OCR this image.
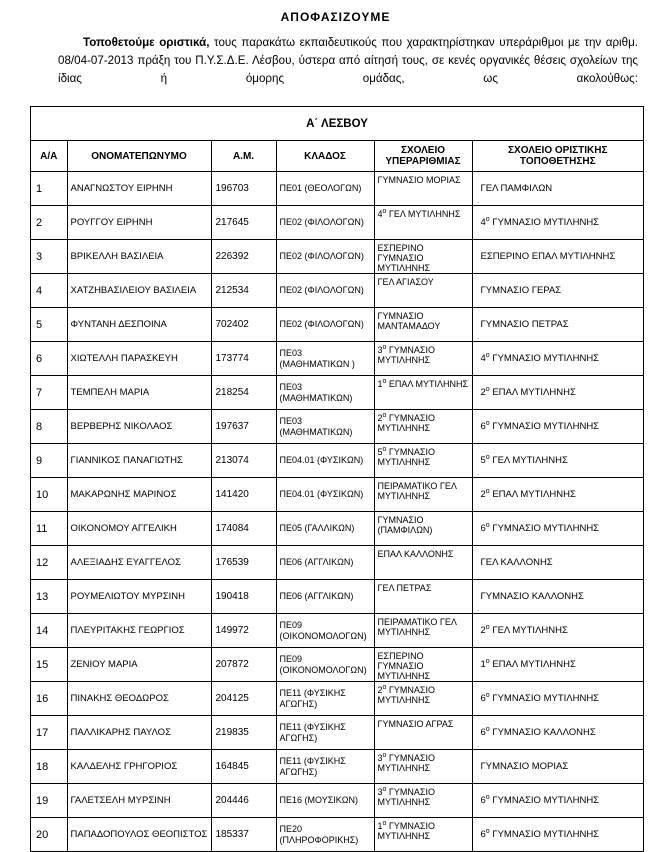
ΑΠΟΦΑΣΙΖΟΥΜΕ
Τοποθετούμε οριστικά, τους παρακάτω εκπαιδευτικούς που χαρακτηρίστηκαν υπεράριθμοι με την αριθμ. 08/04-07-2013 πράξη του Π.Υ.Σ.Δ.Ε. Λέσβου, ύστερα από αίτησή τους, σε κενές οργανικές θέσεις σχολείων της ίδιας ή όμορης ομάδας, ως ακολούθως:
Α΄ ΛΕΣΒΟΥ
Α/Α	ΟΝΟΜΑΤΕΠΩΝΥΜΟ	Α.Μ.	ΚΛΑΔΟΣ	ΣΧΟΛΕΙΟ ΥΠΕΡΑΡΙΘΜΙΑΣ	ΣΧΟΛΕΙΟ ΟΡΙΣΤΙΚΗΣ ΤΟΠΟΘΕΤΗΣΗΣ
1	ΑΝΑΓΝΩΣΤΟΥ ΕΙΡΗΝΗ	196703	ΠΕ01 (ΘΕΟΛΟΓΩΝ)	ΓΥΜΝΑΣΙΟ ΜΟΡΙΑΣ	ΓΕΛ ΠΑΜΦΙΛΩΝ
2	ΡΟΥΓΓΟΥ ΕΙΡΗΝΗ	217645	ΠΕ02 (ΦΙΛΟΛΟΓΩΝ)	$4^o$ ΓΕΛ ΜΥΤΙΛΗΝΗΣ	$4^o$ ΓΥΜΝΑΣΙΟ ΜΥΤΙΛΗΝΗΣ
3	ΒΡΙΚΕΛΛΗ ΒΑΣΙΛΕΙΑ	226392	ΠΕ02 (ΦΙΛΟΛΟΓΩΝ)	ΕΣΠΕΡΙΝΟ ΓΥΜΝΑΣΙΟ ΜΥΤΙΛΗΝΗΣ	ΕΣΠΕΡΙΝΟ ΕΠΑΛ ΜΥΤΙΛΗΝΗΣ
4	ΧΑΤΖΗΒΑΣΙΛΕΙΟΥ ΒΑΣΙΛΕΙΑ	212534	ΠΕ02 (ΦΙΛΟΛΟΓΩΝ)	ΓΕΛ ΑΓΙΑΣΟΥ	ΓΥΜΝΑΣΙΟ ΓΕΡΑΣ
5	ΦΥΝΤΑΝΗ ΔΕΣΠΟΙΝΑ	702402	ΠΕ02 (ΦΙΛΟΛΟΓΩΝ)	ΓΥΜΝΑΣΙΟ ΜΑΝΤΑΜΑΔΟΥ	ΓΥΜΝΑΣΙΟ ΠΕΤΡΑΣ
6	ΧΙΩΤΕΛΛΗ ΠΑΡΑΣΚΕΥΗ	173774	ΠΕ03 (ΜΑΘΗΜΑΤΙΚΩΝ )	$3^o$ ΓΥΜΝΑΣΙΟ ΜΥΤΙΛΗΝΗΣ	$4^o$ ΓΥΜΝΑΣΙΟ ΜΥΤΙΛΗΝΗΣ
7	ΤΕΜΠΕΛΗ ΜΑΡΙΑ	218254	ΠΕ03 (ΜΑΘΗΜΑΤΙΚΩΝ)	$1^o$ ΕΠΑΛ ΜΥΤΙΛΗΝΗΣ	$2^o$ ΕΠΑΛ ΜΥΤΙΛΗΝΗΣ
8	ΒΕΡΒΕΡΗΣ ΝΙΚΟΛΑΟΣ	197637	ΠΕ03 (ΜΑΘΗΜΑΤΙΚΩΝ)	$2^o$ ΓΥΜΝΑΣΙΟ ΜΥΤΙΛΗΝΗΣ	$6^o$ ΓΥΜΝΑΣΙΟ ΜΥΤΙΛΗΝΗΣ
9	ΓΙΑΝΝΙΚΟΣ ΠΑΝΑΓΙΩΤΗΣ	213074	ΠΕ04.01 (ΦΥΣΙΚΩΝ)	$5^o$ ΓΥΜΝΑΣΙΟ ΜΥΤΙΛΗΝΗΣ	$5^o$ ΓΕΛ ΜΥΤΙΛΗΝΗΣ
10	ΜΑΚΑΡΩΝΗΣ ΜΑΡΙΝΟΣ	141420	ΠΕ04.01 (ΦΥΣΙΚΩΝ)	ΠΕΙΡΑΜΑΤΙΚΟ ΓΕΛ ΜΥΤΙΛΗΝΗΣ	$2^o$ ΕΠΑΛ ΜΥΤΙΛΗΝΗΣ
11	ΟΙΚΟΝΟΜΟΥ ΑΓΓΕΛΙΚΗ	174084	ΠΕ05 (ΓΑΛΛΙΚΩΝ)	ΓΥΜΝΑΣΙΟ (ΠΑΜΦΙΛΩΝ)	$6^o$ ΓΥΜΝΑΣΙΟ ΜΥΤΙΛΗΝΗΣ
12	ΑΛΕΞΙΑΔΗΣ ΕΥΑΓΓΕΛΟΣ	176539	ΠΕ06 (ΑΓΓΛΙΚΩΝ)	ΕΠΑΛ ΚΑΛΛΟΝΗΣ	ΓΕΛ ΚΑΛΛΟΝΗΣ
13	ΡΟΥΜΕΛΙΩΤΟΥ ΜΥΡΣΙΝΗ	190418	ΠΕ06 (ΑΓΓΛΙΚΩΝ)	ΓΕΛ ΠΕΤΡΑΣ	ΓΥΜΝΑΣΙΟ ΚΑΛΛΟΝΗΣ
14	ΠΛΕΥΡΙΤΑΚΗΣ ΓΕΩΡΓΙΟΣ	149972	ΠΕ09 (ΟΙΚΟΝΟΜΟΛΟΓΩΝ)	ΠΕΙΡΑΜΑΤΙΚΟ ΓΕΛ ΜΥΤΙΛΗΝΗΣ	$2^o$ ΓΕΛ ΜΥΤΙΛΗΝΗΣ
15	ΖΕΝΙΟΥ ΜΑΡΙΑ	207872	ΠΕ09 (ΟΙΚΟΝΟΜΟΛΟΓΩΝ)	ΕΣΠΕΡΙΝΟ ΓΥΜΝΑΣΙΟ ΜΥΤΙΛΗΝΗΣ	$1^o$ ΕΠΑΛ ΜΥΤΙΛΗΝΗΣ
16	ΠΙΝΑΚΗΣ ΘΕΟΔΩΡΟΣ	204125	ΠΕ11 (ΦΥΣΙΚΗΣ ΑΓΩΓΗΣ)	$2^o$ ΓΥΜΝΑΣΙΟ ΜΥΤΙΛΗΝΗΣ	$6^o$ ΓΥΜΝΑΣΙΟ ΜΥΤΙΛΗΝΗΣ
17	ΠΑΛΛΙΚΑΡΗΣ ΠΑΥΛΟΣ	219835	ΠΕ11 (ΦΥΣΙΚΗΣ ΑΓΩΓΗΣ)	ΓΥΜΝΑΣΙΟ ΑΓΡΑΣ	$6^o$ ΓΥΜΝΑΣΙΟ ΚΑΛΛΟΝΗΣ
18	ΚΑΛΔΕΛΗΣ ΓΡΗΓΟΡΙΟΣ	164845	ΠΕ11 (ΦΥΣΙΚΗΣ ΑΓΩΓΗΣ)	$3^o$ ΓΥΜΝΑΣΙΟ ΜΥΤΙΛΗΝΗΣ	ΓΥΜΝΑΣΙΟ ΜΟΡΙΑΣ
19	ΓΑΛΕΤΣΕΛΗ ΜΥΡΣΙΝΗ	204446	ΠΕ16 (ΜΟΥΣΙΚΩΝ)	$3^o$ ΓΥΜΝΑΣΙΟ ΜΥΤΙΛΗΝΗΣ	$6^o$ ΓΥΜΝΑΣΙΟ ΜΥΤΙΛΗΝΗΣ
20	ΠΑΠΑΔΟΠΟΥΛΟΣ ΘΕΟΠΙΣΤΟΣ	185337	ΠΕ20 (ΠΛΗΡΟΦΟΡΙΚΗΣ)	$1^o$ ΓΥΜΝΑΣΙΟ ΜΥΤΙΛΗΝΗΣ	$6^o$ ΓΥΜΝΑΣΙΟ ΜΥΤΙΛΗΝΗΣ
